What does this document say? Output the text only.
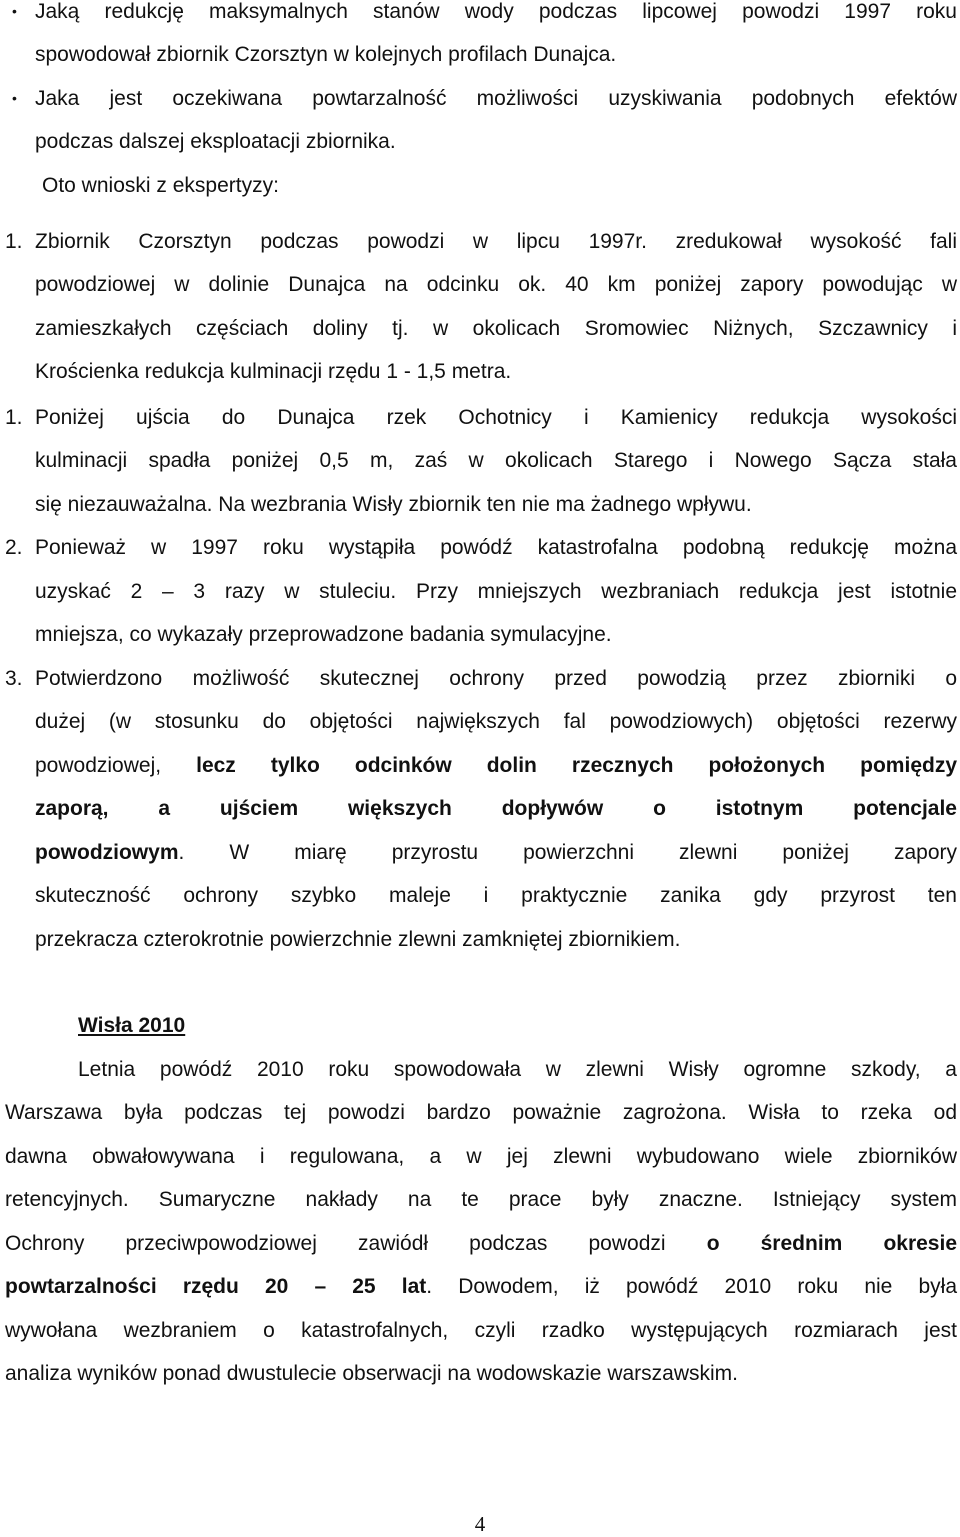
• Jaką redukcję maksymalnych stanów wody podczas lipcowej powodzi 1997 roku

spowodował zbiornik Czorsztyn w kolejnych profilach Dunajca.

• Jaka jest oczekiwana powtarzalność możliwości uzyskiwania podobnych efektów

podczas dalszej eksploatacji zbiornika.

Oto wnioski z ekspertyzy:

1. Zbiornik Czorsztyn podczas powodzi w lipcu 1997r. zredukował wysokość fali

powodziowej w dolinie Dunajca na odcinku ok. 40 km poniżej zapory powodując w

zamieszkałych częściach doliny tj. w okolicach Sromowiec Niżnych, Szczawnicy i

Krościenka redukcja kulminacji rzędu 1 - 1,5 metra.

1. Poniżej ujścia do Dunajca rzek Ochotnicy i Kamienicy redukcja wysokości

kulminacji spadła poniżej 0,5 m, zaś w okolicach Starego i Nowego Sącza stała

się niezauważalna. Na wezbrania Wisły zbiornik ten nie ma żadnego wpływu.

2. Ponieważ w 1997 roku wystąpiła powódź katastrofalna podobną redukcję można

uzyskać 2 – 3 razy w stuleciu. Przy mniejszych wezbraniach redukcja jest istotnie

mniejsza, co wykazały przeprowadzone badania symulacyjne.

3. Potwierdzono możliwość skutecznej ochrony przed powodzią przez zbiorniki o

dużej (w stosunku do objętości największych fal powodziowych) objętości rezerwy

powodziowej, lecz tylko odcinków dolin rzecznych położonych pomiędzy

zaporą, a ujściem większych dopływów o istotnym potencjale

powodziowym. W miarę przyrostu powierzchni zlewni poniżej zapory

skuteczność ochrony szybko maleje i praktycznie zanika gdy przyrost ten

przekracza czterokrotnie powierzchnie zlewni zamkniętej zbiornikiem.

Wisła 2010

Letnia powódź 2010 roku spowodowała w zlewni Wisły ogromne szkody, a

Warszawa była podczas tej powodzi bardzo poważnie zagrożona. Wisła to rzeka od

dawna obwałowywana i regulowana, a w jej zlewni wybudowano wiele zbiorników

retencyjnych. Sumaryczne nakłady na te prace były znaczne. Istniejący system

Ochrony przeciwpowodziowej zawiódł podczas powodzi o średnim okresie

powtarzalności rzędu 20 – 25 lat. Dowodem, iż powódź 2010 roku nie była

wywołana wezbraniem o katastrofalnych, czyli rzadko występujących rozmiarach jest

analiza wyników ponad dwustulecie obserwacji na wodowskazie warszawskim.

4
